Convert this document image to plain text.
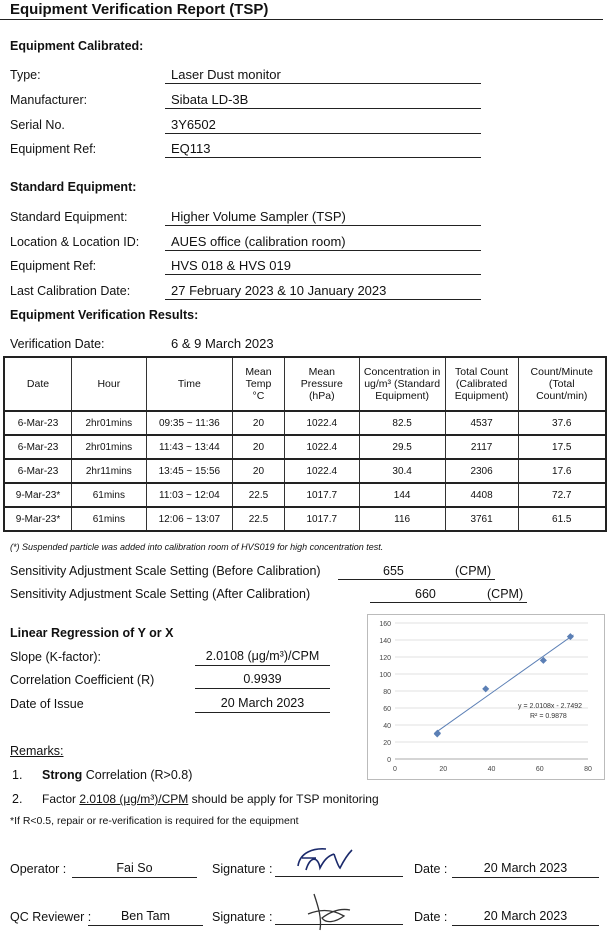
Equipment Verification Report (TSP)
Equipment Calibrated:
Type:	Laser Dust monitor
Manufacturer:	Sibata LD-3B
Serial No.	3Y6502
Equipment Ref:	EQ113
Standard Equipment:
Standard Equipment:	Higher Volume Sampler (TSP)
Location & Location ID:	AUES office (calibration room)
Equipment Ref:	HVS 018 & HVS 019
Last Calibration Date:	27 February 2023 & 10 January 2023
Equipment Verification Results:
Verification Date:	6 & 9 March 2023
Date	Hour	Time	Mean Temp °C	Mean Pressure (hPa)	Concentration in ug/m³ (Standard Equipment)	Total Count (Calibrated Equipment)	Count/Minute (Total Count/min)
6-Mar-23	2hr01mins	09:35 ~ 11:36	20	1022.4	82.5	4537	37.6
6-Mar-23	2hr01mins	11:43 ~ 13:44	20	1022.4	29.5	2117	17.5
6-Mar-23	2hr11mins	13:45 ~ 15:56	20	1022.4	30.4	2306	17.6
9-Mar-23*	61mins	11:03 ~ 12:04	22.5	1017.7	144	4408	72.7
9-Mar-23*	61mins	12:06 ~ 13:07	22.5	1017.7	116	3761	61.5
(*) Suspended particle was added into calibration room of HVS019 for high concentration test.
Sensitivity Adjustment Scale Setting (Before Calibration)	655	(CPM)
Sensitivity Adjustment Scale Setting (After Calibration)	660	(CPM)
Linear Regression of Y or X
Slope (K-factor):	2.0108 (μg/m³)/CPM
Correlation Coefficient (R)	0.9939
Date of Issue	20 March 2023
0
20
40
60
80
100
120
140
160
0	20	40	60	80
y = 2.0108x - 2.7492
R² = 0.9878
Remarks:
1. Strong Correlation (R>0.8)
2. Factor 2.0108 (μg/m³)/CPM should be apply for TSP monitoring
*If R<0.5, repair or re-verification is required for the equipment
Operator :	Fai So	Signature :	Date :	20 March 2023
QC Reviewer :	Ben Tam	Signature :	Date :	20 March 2023
